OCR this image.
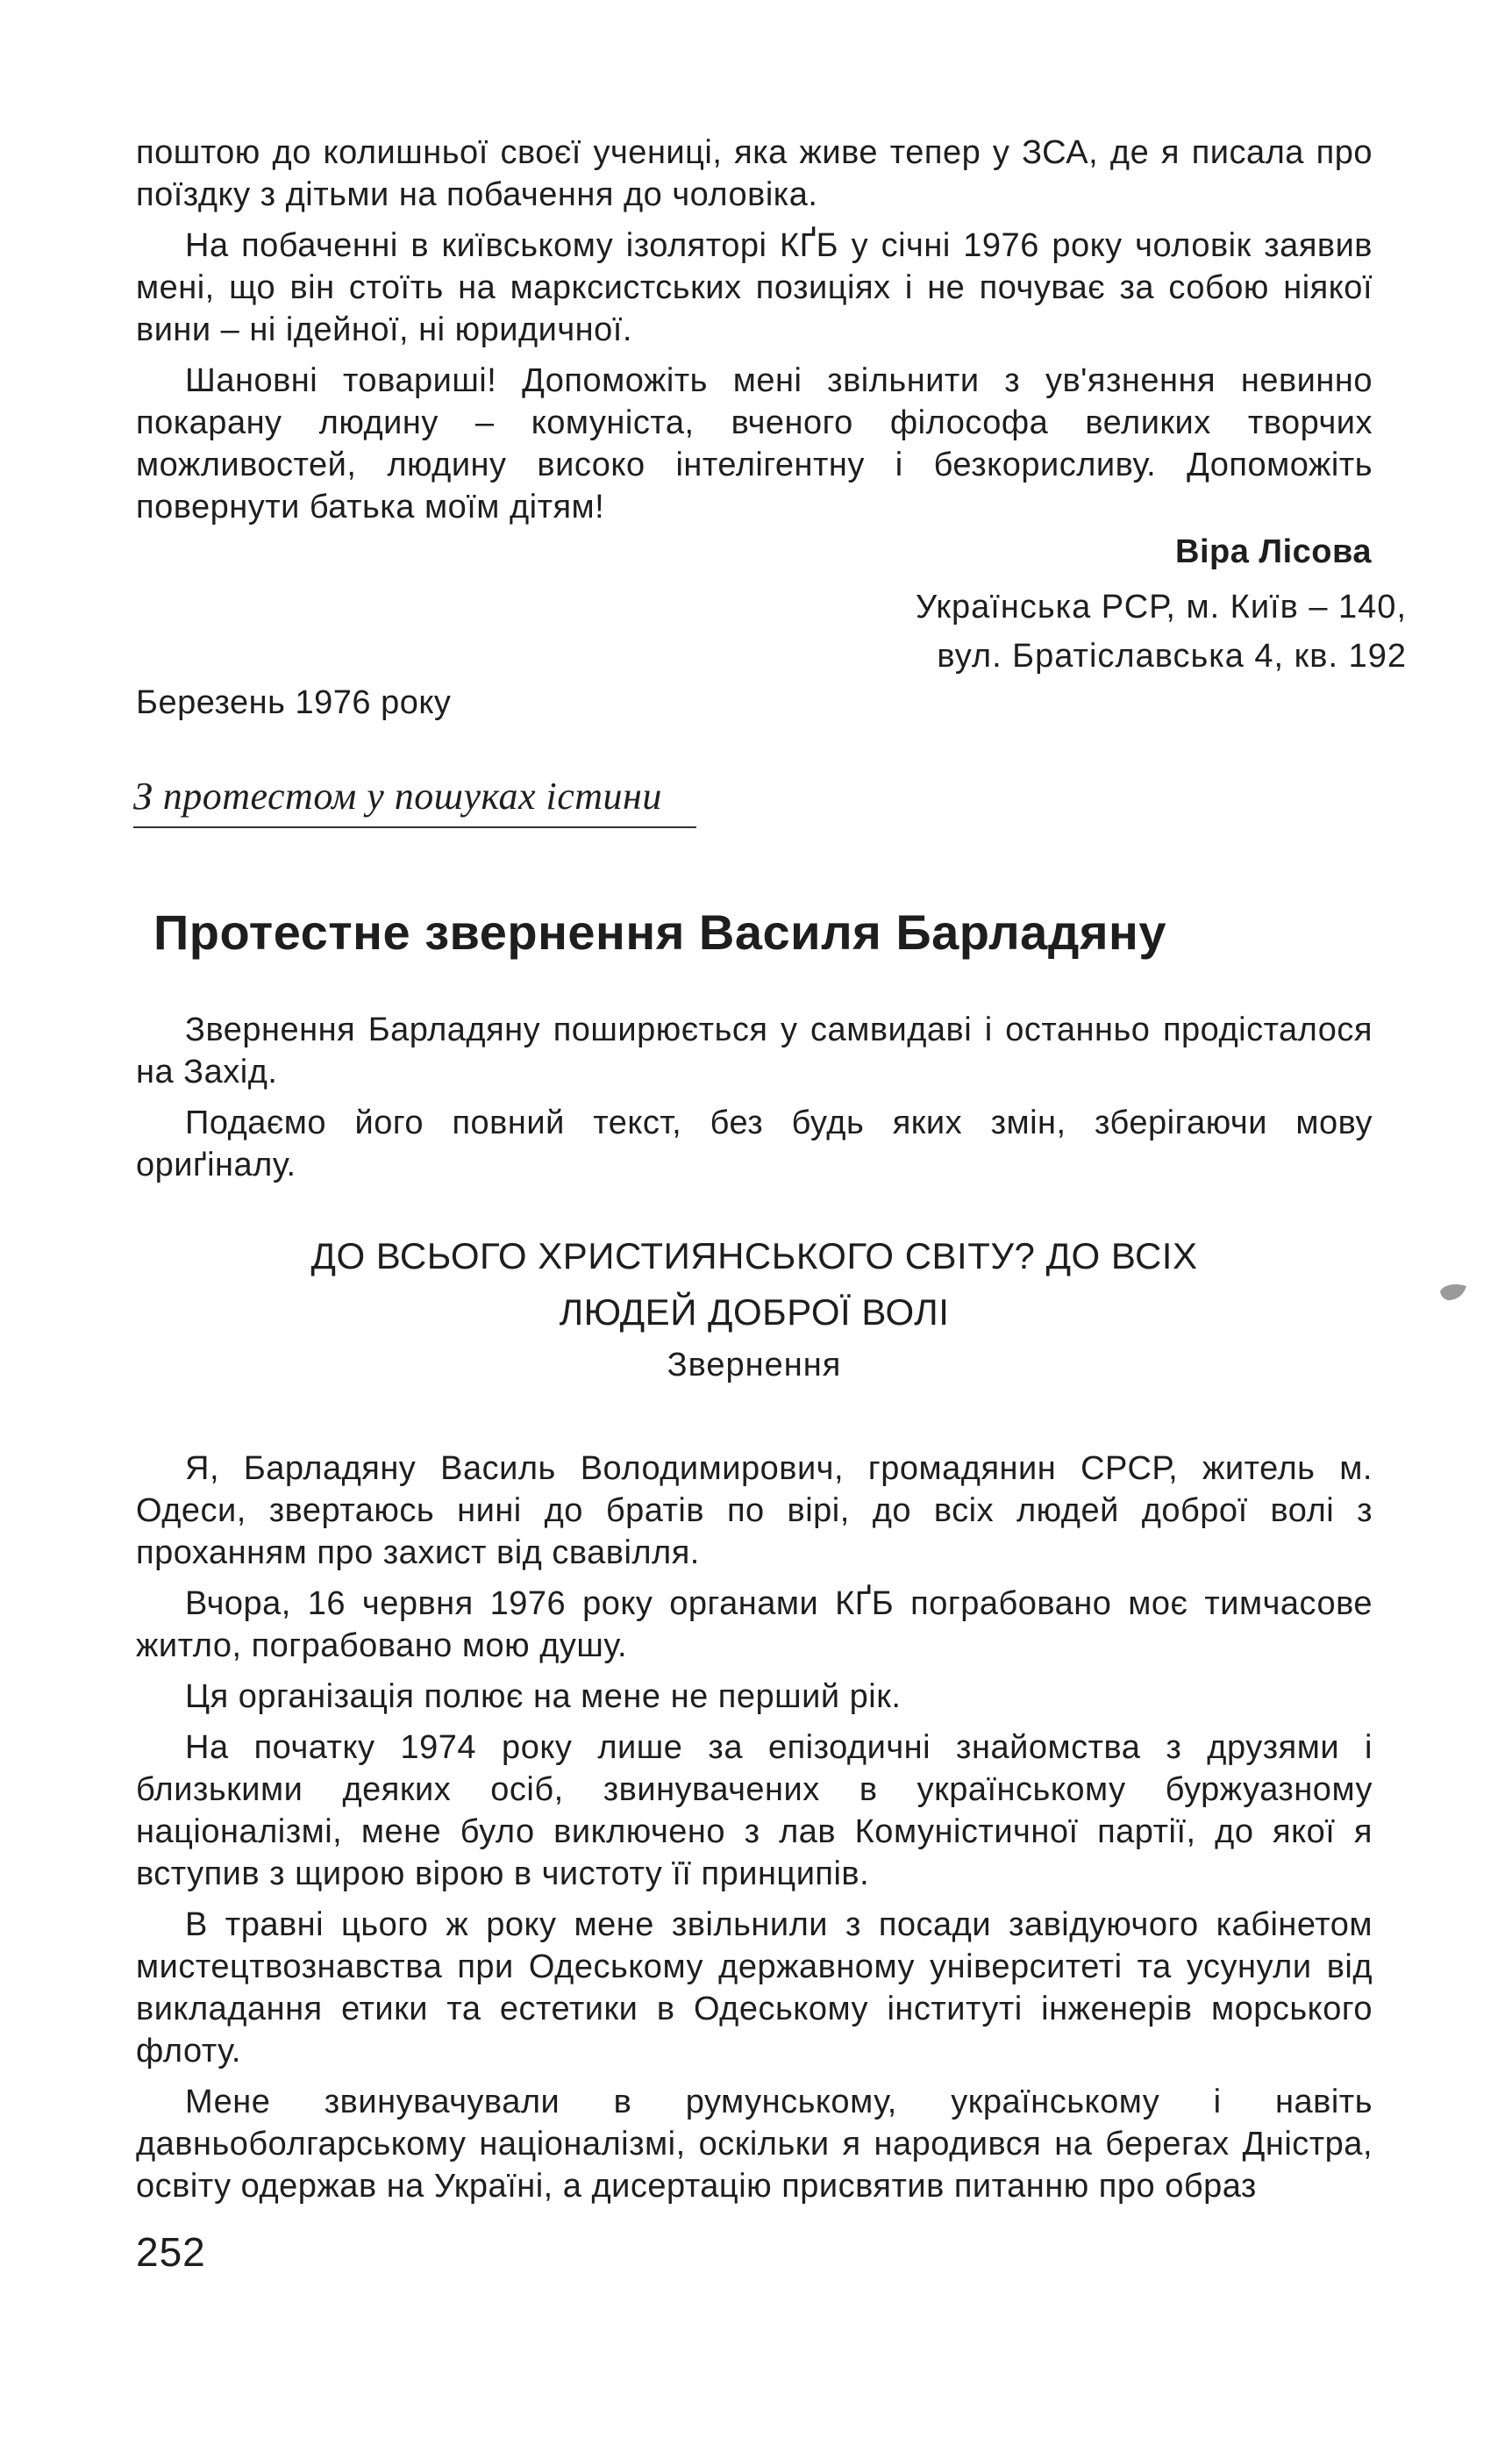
поштою до колишньої своєї учениці, яка живе тепер у ЗСА, де я писала про поїздку з дітьми на побачення до чоловіка.

На побаченні в київському ізоляторі КҐБ у січні 1976 року чоловік заявив мені, що він стоїть на марксистських позиціях і не почуває за собою ніякої вини – ні ідейної, ні юридичної.

Шановні товариші! Допоможіть мені звільнити з ув'язнення невинно покарану людину – комуніста, вченого філософа великих творчих можливостей, людину високо інтелігентну і безкорисливу. Допоможіть повернути батька моїм дітям!

Віра Лісова
Українська РСР, м. Київ – 140,
вул. Братіславська 4, кв. 192
Березень 1976 року
З протестом у пошуках істини
Протестне звернення Василя Барладяну

Звернення Барладяну поширюється у самвидаві і останньо продісталося на Захід.

Подаємо його повний текст, без будь яких змін, зберігаючи мову ориґіналу.

ДО ВСЬОГО ХРИСТИЯНСЬКОГО СВІТУ? ДО ВСІХ
ЛЮДЕЙ ДОБРОЇ ВОЛІ
Звернення

Я, Барладяну Василь Володимирович, громадянин СРСР, житель м. Одеси, звертаюсь нині до братів по вірі, до всіх людей доброї волі з проханням про захист від свавілля.

Вчора, 16 червня 1976 року органами КҐБ пограбовано моє тимчасове житло, пограбовано мою душу.

Ця організація полює на мене не перший рік.

На початку 1974 року лише за епізодичні знайомства з друзями і близькими деяких осіб, звинувачених в українському буржуазному націоналізмі, мене було виключено з лав Комуністичної партії, до якої я вступив з щирою вірою в чистоту її принципів.

В травні цього ж року мене звільнили з посади завідуючого кабінетом мистецтвознавства при Одеському державному університеті та усунули від викладання етики та естетики в Одеському інституті інженерів морського флоту.

Мене звинувачували в румунському, українському і навіть давньоболгарському націоналізмі, оскільки я народився на берегах Дністра, освіту одержав на Україні, а дисертацію присвятив питанню про образ

252
